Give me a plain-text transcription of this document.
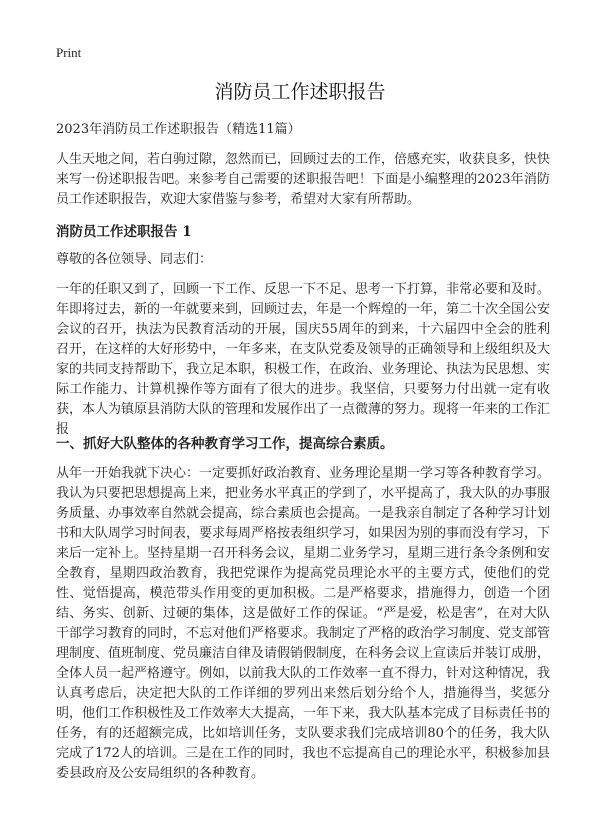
Print
消防员工作述职报告
2023年消防员工作述职报告（精选11篇）
人生天地之间，若白驹过隙，忽然而已，回顾过去的工作，倍感充实，收获良多，快快来写一份述职报告吧。来参考自己需要的述职报告吧！下面是小编整理的2023年消防员工作述职报告，欢迎大家借鉴与参考，希望对大家有所帮助。
消防员工作述职报告 1
尊敬的各位领导、同志们：
一年的任职又到了，回顾一下工作、反思一下不足、思考一下打算，非常必要和及时。年即将过去，新的一年就要来到，回顾过去，年是一个辉煌的一年，第二十次全国公安会议的召开，执法为民教育活动的开展，国庆55周年的到来，十六届四中全会的胜利召开，在这样的大好形势中，一年多来，在支队党委及领导的正确领导和上级组织及大家的共同支持帮助下，我立足本职，积极工作，在政治、业务理论、执法为民思想、实际工作能力、计算机操作等方面有了很大的进步。我坚信，只要努力付出就一定有收获，本人为镇原县消防大队的管理和发展作出了一点微薄的努力。现将一年来的工作汇报
一、抓好大队整体的各种教育学习工作，提高综合素质。
从年一开始我就下决心：一定要抓好政治教育、业务理论星期一学习等各种教育学习。我认为只要把思想提高上来，把业务水平真正的学到了，水平提高了，我大队的办事服务质量、办事效率自然就会提高，综合素质也会提高。一是我亲自制定了各种学习计划书和大队周学习时间表，要求每周严格按表组织学习，如果因为别的事而没有学习，下来后一定补上。坚持星期一召开科务会议，星期二业务学习，星期三进行条令条例和安全教育，星期四政治教育，我把党课作为提高党员理论水平的主要方式，使他们的党性、觉悟提高，模范带头作用变的更加积极。二是严格要求，措施得力，创造一个团结、务实、创新、过硬的集体，这是做好工作的保证。“严是爱，松是害”，在对大队干部学习教育的同时，不忘对他们严格要求。我制定了严格的政治学习制度、党支部管理制度、值班制度、党员廉洁自律及请假销假制度，在科务会议上宣读后并装订成册，全体人员一起严格遵守。例如，以前我大队的工作效率一直不得力，针对这种情况，我认真考虑后，决定把大队的工作详细的罗列出来然后划分给个人，措施得当，奖惩分明，他们工作积极性及工作效率大大提高，一年下来，我大队基本完成了目标责任书的任务，有的还超额完成，比如培训任务，支队要求我们完成培训80个的任务，我大队完成了172人的培训。三是在工作的同时，我也不忘提高自己的理论水平，积极参加县委县政府及公安局组织的各种教育。
